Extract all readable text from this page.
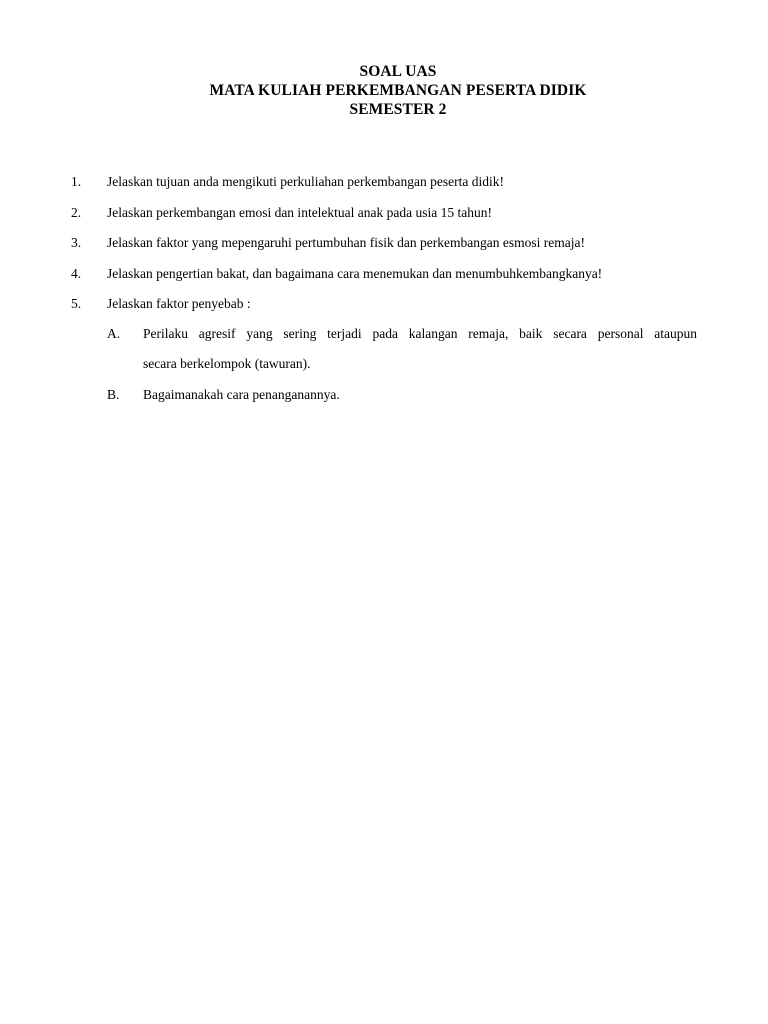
SOAL UAS
MATA KULIAH PERKEMBANGAN PESERTA DIDIK
SEMESTER 2
1. Jelaskan tujuan anda mengikuti perkuliahan perkembangan peserta didik!
2. Jelaskan perkembangan emosi dan intelektual anak pada usia 15 tahun!
3. Jelaskan faktor yang mepengaruhi pertumbuhan fisik dan perkembangan esmosi remaja!
4. Jelaskan pengertian bakat, dan bagaimana cara menemukan dan menumbuhkembangkanya!
5. Jelaskan faktor penyebab :
A. Perilaku agresif yang sering terjadi pada kalangan remaja, baik secara personal ataupun
secara berkelompok (tawuran).
B. Bagaimanakah cara penanganannya.
